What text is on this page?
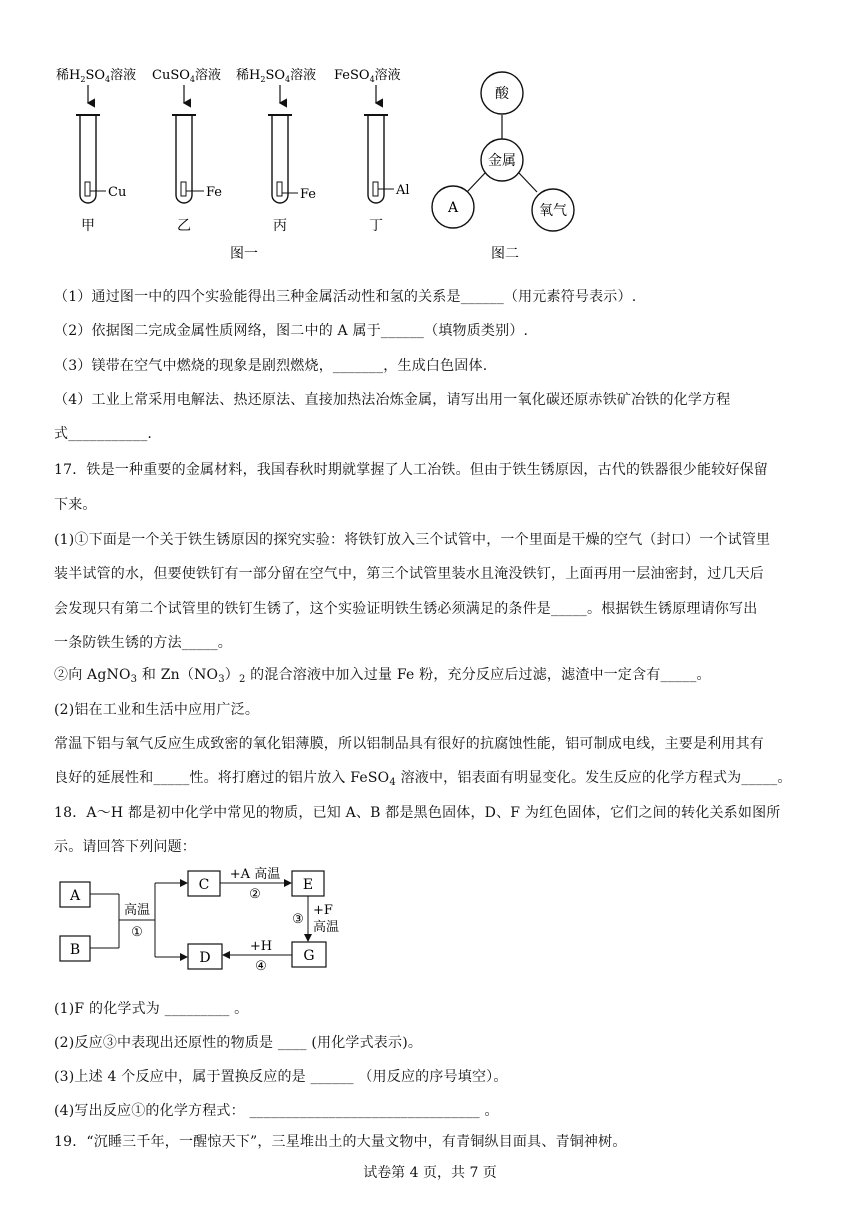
稀$H_2SO_4$溶液
Cu
甲
CuSO$_4$溶液
Fe
乙
稀$H_2SO_4$溶液
Fe
丙
FeSO$_4$溶液
Al
丁
图一
酸
金属
A	氧气
图二
（1）通过图一中的四个实验能得出三种金属活动性和氢的关系是______（用元素符号表示）.
（2）依据图二完成金属性质网络，图二中的 A 属于______（填物质类别）.
（3）镁带在空气中燃烧的现象是剧烈燃烧，_______，生成白色固体.
（4）工业上常采用电解法、热还原法、直接加热法冶炼金属，请写出用一氧化碳还原赤铁矿冶铁的化学方程
式___________.
17．铁是一种重要的金属材料，我国春秋时期就掌握了人工冶铁。但由于铁生锈原因，古代的铁器很少能较好保留
下来。
(1)①下面是一个关于铁生锈原因的探究实验：将铁钉放入三个试管中，一个里面是干燥的空气（封口）一个试管里
装半试管的水，但要使铁钉有一部分留在空气中，第三个试管里装水且淹没铁钉，上面再用一层油密封，过几天后
会发现只有第二个试管里的铁钉生锈了，这个实验证明铁生锈必须满足的条件是_____。根据铁生锈原理请你写出
一条防铁生锈的方法_____。
②向 AgNO$_3$ 和 $Zn(NO_3)_2$ 的混合溶液中加入过量 Fe 粉，充分反应后过滤，滤渣中一定含有_____。
(2)铝在工业和生活中应用广泛。
常温下铝与氧气反应生成致密的氧化铝薄膜，所以铝制品具有很好的抗腐蚀性能，铝可制成电线，主要是利用其有
良好的延展性和_____性。将打磨过的铝片放入 FeSO$_4$ 溶液中，铝表面有明显变化。发生反应的化学方程式为_____。
18．A～H 都是初中化学中常见的物质，已知 A、B 都是黑色固体，D、F 为红色固体，它们之间的转化关系如图所
示。请回答下列问题：
A
B
C	E
D	G
高温
①
+A 高温
②
③
+F
高温
+H
④
(1)F 的化学式为 _________ 。
(2)反应③中表现出还原性的物质是 ____ (用化学式表示)。
(3)上述 4 个反应中，属于置换反应的是 ______ （用反应的序号填空）。
(4)写出反应①的化学方程式： ________________________________ 。
19．“沉睡三千年，一醒惊天下”，三星堆出土的大量文物中，有青铜纵目面具、青铜神树。
试卷第 4 页，共 7 页
